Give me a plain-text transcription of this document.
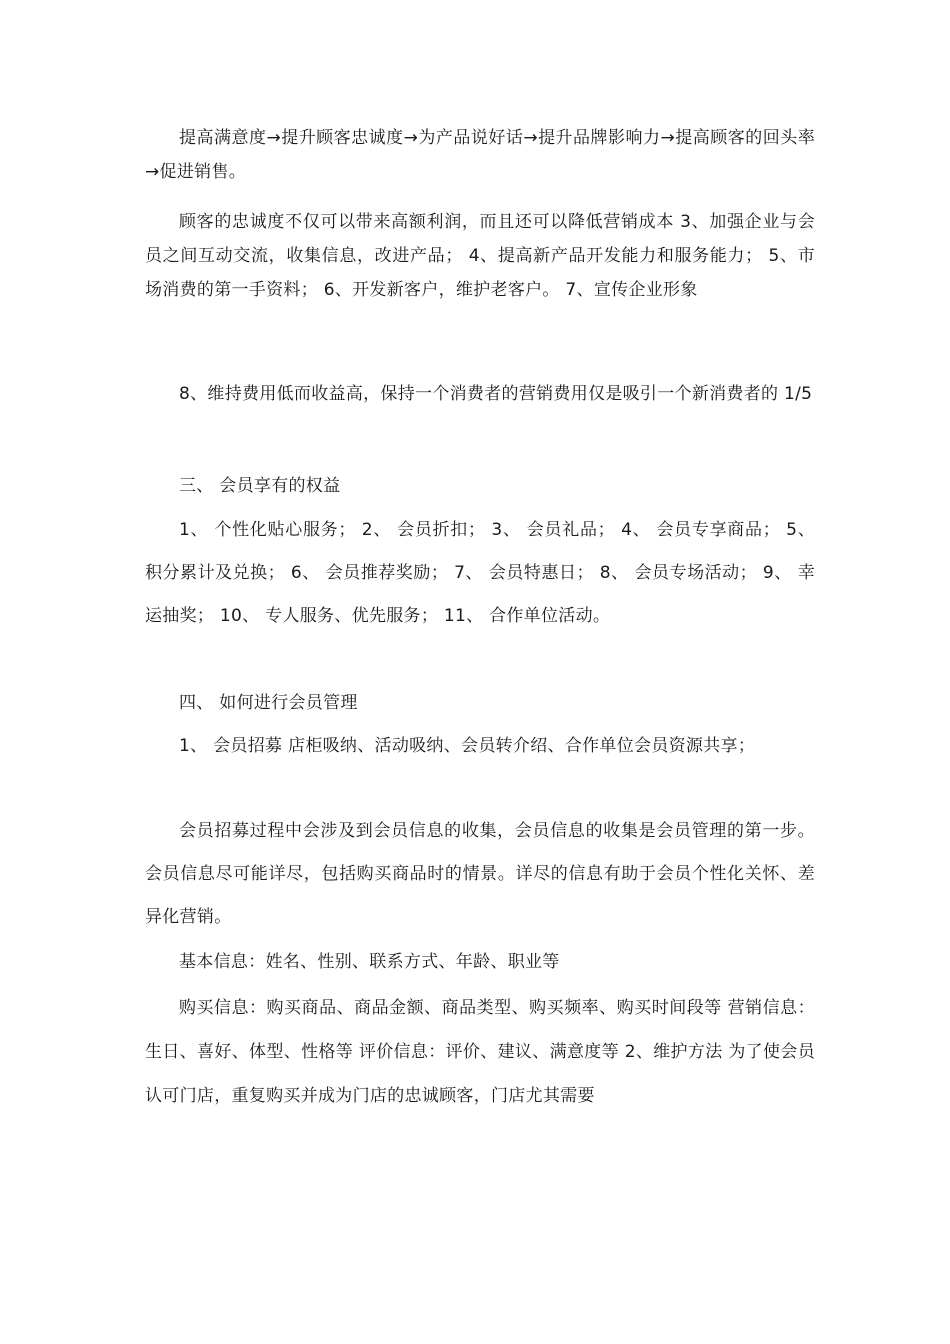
提高满意度→提升顾客忠诚度→为产品说好话→提升品牌影响力→提高顾客的回头率→促进销售。

顾客的忠诚度不仅可以带来高额利润，而且还可以降低营销成本 3、加强企业与会员之间互动交流，收集信息，改进产品； 4、提高新产品开发能力和服务能力； 5、市场消费的第一手资料； 6、开发新客户，维护老客户。 7、宣传企业形象

8、维持费用低而收益高，保持一个消费者的营销费用仅是吸引一个新消费者的 1/5

三、 会员享有的权益

1、 个性化贴心服务； 2、 会员折扣； 3、 会员礼品； 4、 会员专享商品； 5、 积分累计及兑换； 6、 会员推荐奖励； 7、 会员特惠日； 8、 会员专场活动； 9、 幸运抽奖； 10、 专人服务、优先服务； 11、 合作单位活动。

四、 如何进行会员管理

1、 会员招募 店柜吸纳、活动吸纳、会员转介绍、合作单位会员资源共享；

会员招募过程中会涉及到会员信息的收集，会员信息的收集是会员管理的第一步。会员信息尽可能详尽，包括购买商品时的情景。详尽的信息有助于会员个性化关怀、差异化营销。

基本信息：姓名、性别、联系方式、年龄、职业等

购买信息：购买商品、商品金额、商品类型、购买频率、购买时间段等 营销信息：生日、喜好、体型、性格等 评价信息：评价、建议、满意度等 2、维护方法 为了使会员认可门店，重复购买并成为门店的忠诚顾客，门店尤其需要
